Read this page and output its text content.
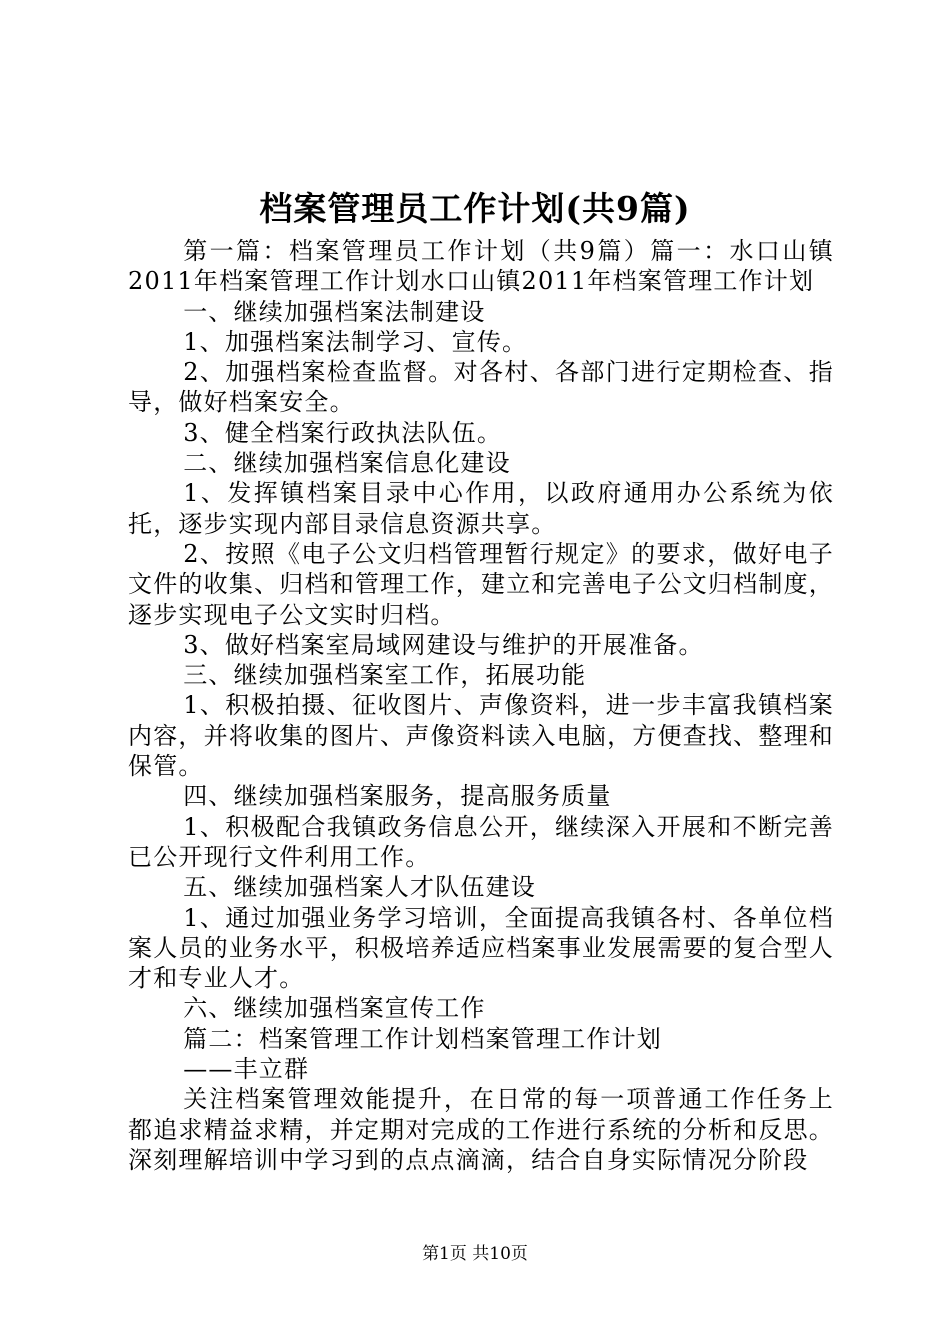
档案管理员工作计划(共9篇)

第一篇：档案管理员工作计划（共9篇）篇一：水口山镇2011年档案管理工作计划水口山镇2011年档案管理工作计划

一、继续加强档案法制建设

1、加强档案法制学习、宣传。

2、加强档案检查监督。对各村、各部门进行定期检查、指导，做好档案安全。

3、健全档案行政执法队伍。

二、继续加强档案信息化建设

1、发挥镇档案目录中心作用，以政府通用办公系统为依托，逐步实现内部目录信息资源共享。

2、按照《电子公文归档管理暂行规定》的要求，做好电子文件的收集、归档和管理工作，建立和完善电子公文归档制度，逐步实现电子公文实时归档。

3、做好档案室局域网建设与维护的开展准备。

三、继续加强档案室工作，拓展功能

1、积极拍摄、征收图片、声像资料，进一步丰富我镇档案内容，并将收集的图片、声像资料读入电脑，方便查找、整理和保管。

四、继续加强档案服务，提高服务质量

1、积极配合我镇政务信息公开，继续深入开展和不断完善已公开现行文件利用工作。

五、继续加强档案人才队伍建设

1、通过加强业务学习培训，全面提高我镇各村、各单位档案人员的业务水平，积极培养适应档案事业发展需要的复合型人才和专业人才。

六、继续加强档案宣传工作

篇二：档案管理工作计划档案管理工作计划

——丰立群

关注档案管理效能提升，在日常的每一项普通工作任务上都追求精益求精，并定期对完成的工作进行系统的分析和反思。深刻理解培训中学习到的点点滴滴，结合自身实际情况分阶段

第1页 共10页
